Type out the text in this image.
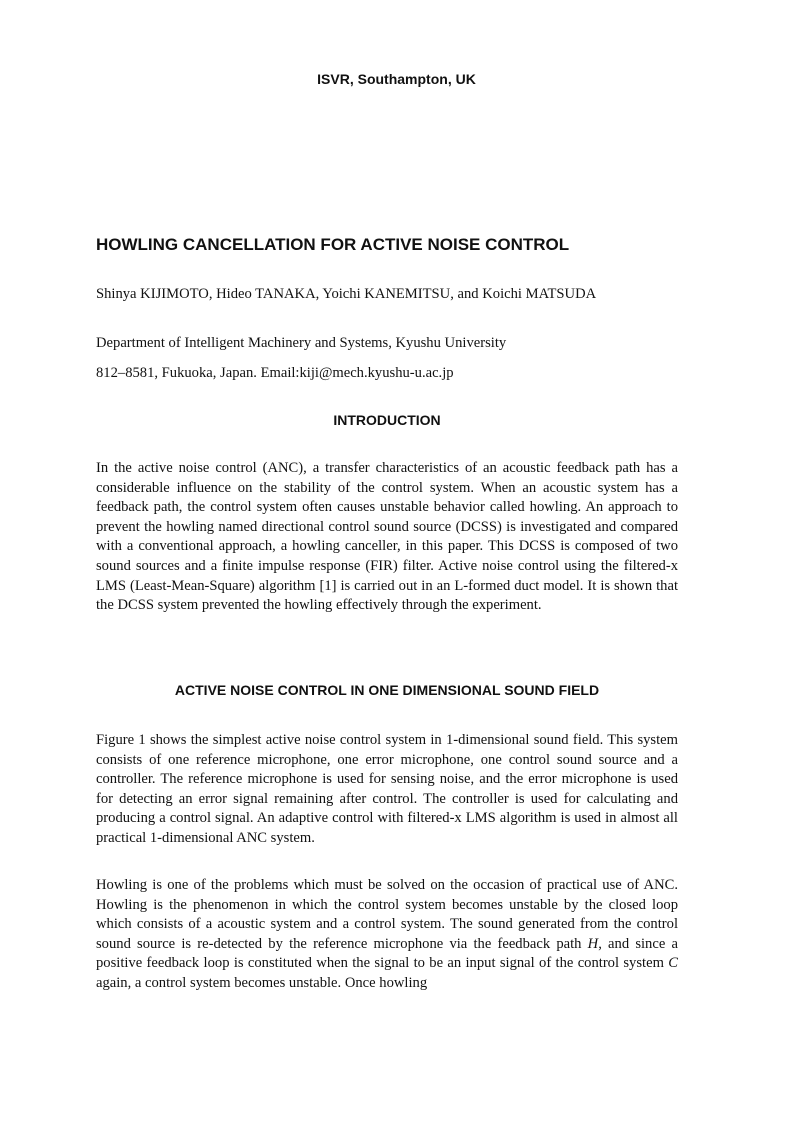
ISVR, Southampton, UK
HOWLING CANCELLATION FOR ACTIVE NOISE CONTROL
Shinya KIJIMOTO, Hideo TANAKA, Yoichi KANEMITSU, and Koichi MATSUDA
Department of Intelligent Machinery and Systems, Kyushu University
812–8581, Fukuoka, Japan. Email:kiji@mech.kyushu-u.ac.jp
INTRODUCTION

In the active noise control (ANC), a transfer characteristics of an acoustic feedback path has a considerable influence on the stability of the control system. When an acoustic system has a feedback path, the control system often causes unstable behavior called howling. An approach to prevent the howling named directional control sound source (DCSS) is investigated and compared with a conventional approach, a howling canceller, in this paper. This DCSS is composed of two sound sources and a finite impulse response (FIR) filter. Active noise control using the filtered-x LMS (Least-Mean-Square) algorithm [1] is carried out in an L-formed duct model. It is shown that the DCSS system prevented the howling effectively through the experiment.

ACTIVE NOISE CONTROL IN ONE DIMENSIONAL SOUND FIELD

Figure 1 shows the simplest active noise control system in 1-dimensional sound field. This system consists of one reference microphone, one error microphone, one control sound source and a controller. The reference microphone is used for sensing noise, and the error microphone is used for detecting an error signal remaining after control. The controller is used for calculating and producing a control signal. An adaptive control with filtered-x LMS algorithm is used in almost all practical 1-dimensional ANC system.

Howling is one of the problems which must be solved on the occasion of practical use of ANC. Howling is the phenomenon in which the control system becomes unstable by the closed loop which consists of a acoustic system and a control system. The sound generated from the control sound source is re-detected by the reference microphone via the feedback path H, and since a positive feedback loop is constituted when the signal to be an input signal of the control system C again, a control system becomes unstable. Once howling
